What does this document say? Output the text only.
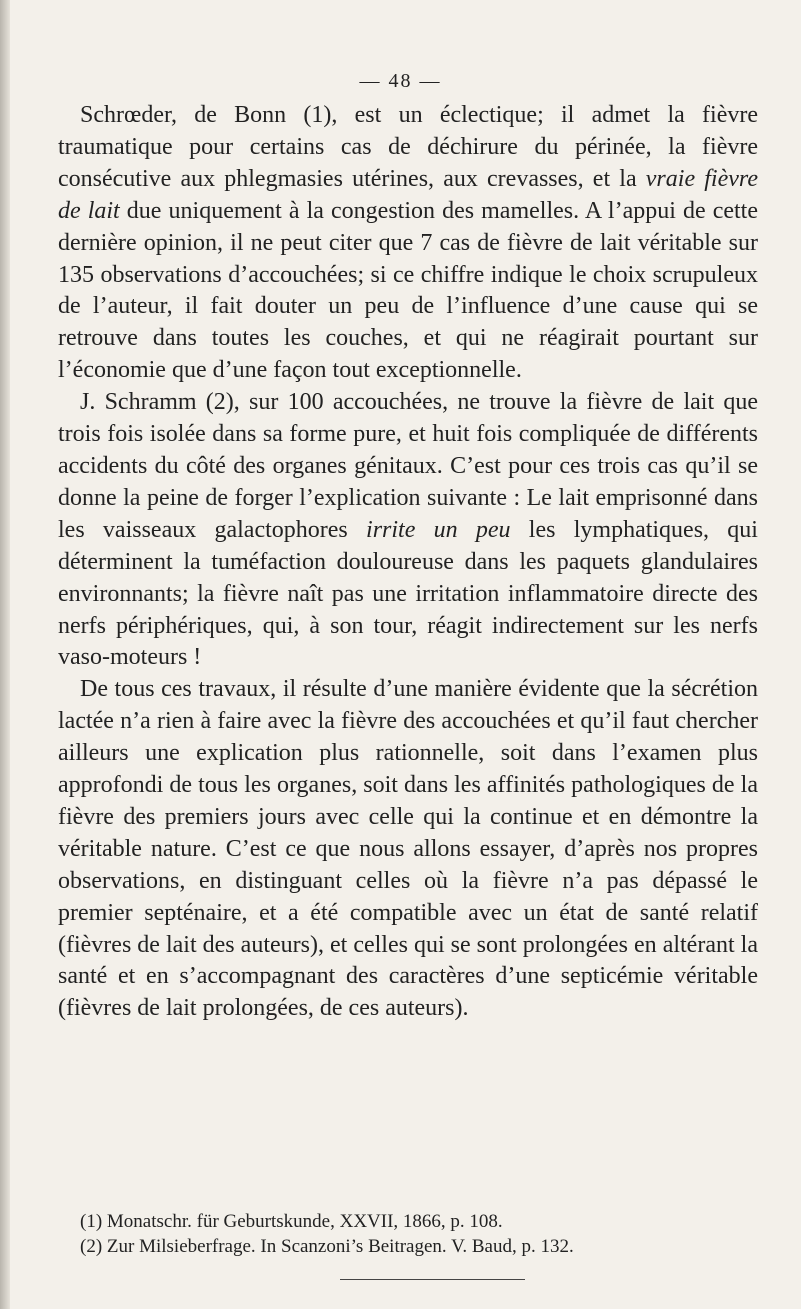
— 48 —

Schrœder, de Bonn (1), est un éclectique; il admet la fièvre traumatique pour certains cas de déchirure du périnée, la fièvre consécutive aux phlegmasies utérines, aux crevasses, et la vraie fièvre de lait due uniquement à la congestion des mamelles. A l’appui de cette dernière opinion, il ne peut citer que 7 cas de fièvre de lait véritable sur 135 observations d’accouchées; si ce chiffre indique le choix scrupuleux de l’auteur, il fait douter un peu de l’influence d’une cause qui se retrouve dans toutes les couches, et qui ne réagirait pourtant sur l’économie que d’une façon tout exceptionnelle.

J. Schramm (2), sur 100 accouchées, ne trouve la fièvre de lait que trois fois isolée dans sa forme pure, et huit fois compliquée de différents accidents du côté des organes génitaux. C’est pour ces trois cas qu’il se donne la peine de forger l’explication suivante : Le lait emprisonné dans les vaisseaux galactophores irrite un peu les lymphatiques, qui déterminent la tuméfaction douloureuse dans les paquets glandulaires environnants; la fièvre naît pas une irritation inflammatoire directe des nerfs périphériques, qui, à son tour, réagit indirectement sur les nerfs vaso-moteurs !

De tous ces travaux, il résulte d’une manière évidente que la sécrétion lactée n’a rien à faire avec la fièvre des accouchées et qu’il faut chercher ailleurs une explication plus rationnelle, soit dans l’examen plus approfondi de tous les organes, soit dans les affinités pathologiques de la fièvre des premiers jours avec celle qui la continue et en démontre la véritable nature. C’est ce que nous allons essayer, d’après nos propres observations, en distinguant celles où la fièvre n’a pas dépassé le premier septénaire, et a été compatible avec un état de santé relatif (fièvres de lait des auteurs), et celles qui se sont prolongées en altérant la santé et en s’accompagnant des caractères d’une septicémie véritable (fièvres de lait prolongées, de ces auteurs).

(1) Monatschr. für Geburtskunde, XXVII, 1866, p. 108.
(2) Zur Milsieberfrage. In Scanzoni’s Beitragen. V. Baud, p. 132.
